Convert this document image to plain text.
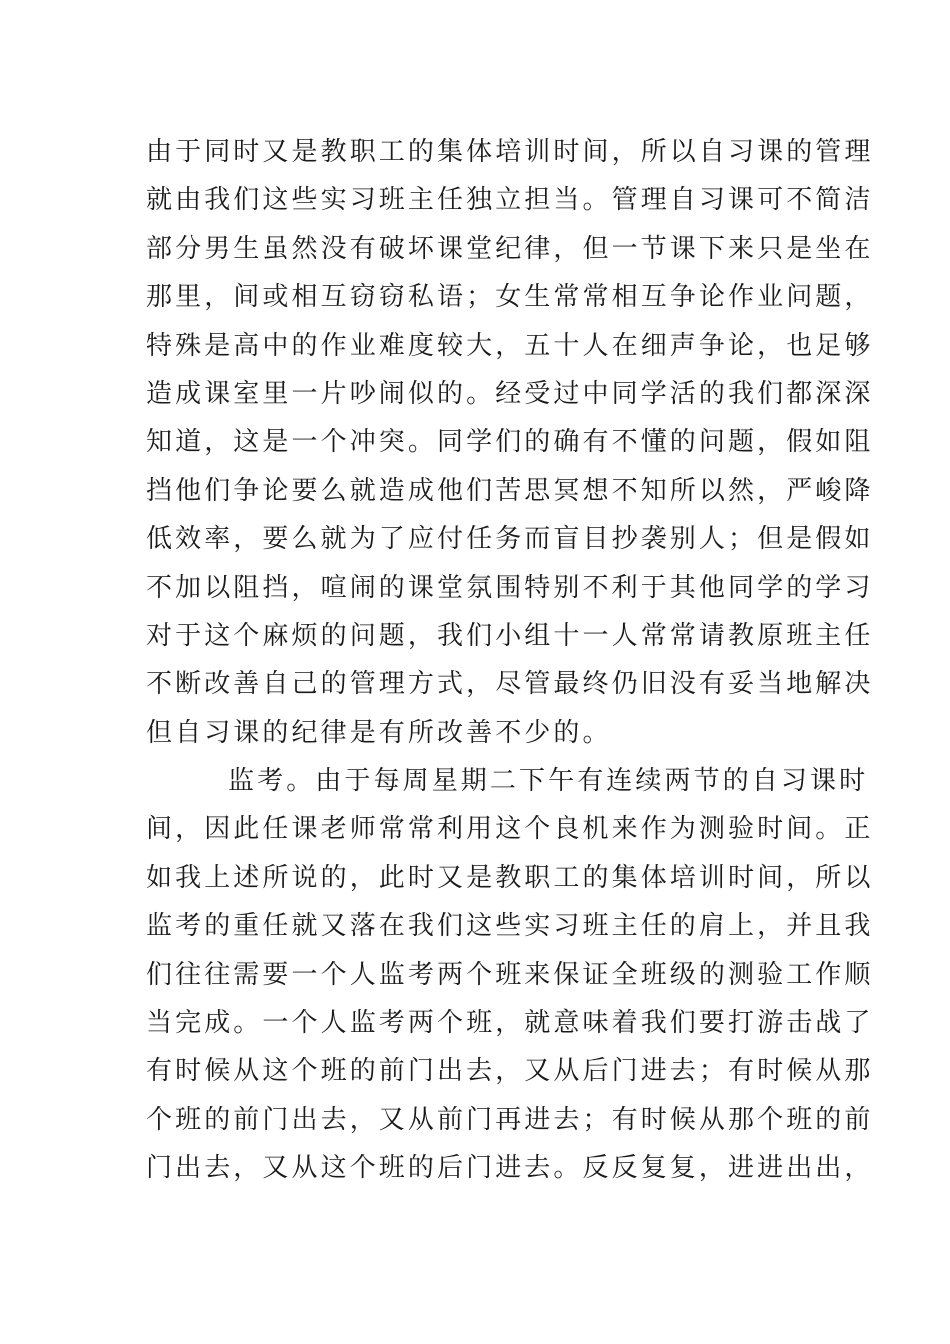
由于同时又是教职工的集体培训时间，所以自习课的管理
就由我们这些实习班主任独立担当。管理自习课可不简洁
部分男生虽然没有破坏课堂纪律，但一节课下来只是坐在
那里，间或相互窃窃私语；女生常常相互争论作业问题，
特殊是高中的作业难度较大，五十人在细声争论，也足够
造成课室里一片吵闹似的。经受过中同学活的我们都深深
知道，这是一个冲突。同学们的确有不懂的问题，假如阻
挡他们争论要么就造成他们苦思冥想不知所以然，严峻降
低效率，要么就为了应付任务而盲目抄袭别人；但是假如
不加以阻挡，喧闹的课堂氛围特别不利于其他同学的学习
对于这个麻烦的问题，我们小组十一人常常请教原班主任
不断改善自己的管理方式，尽管最终仍旧没有妥当地解决
但自习课的纪律是有所改善不少的。
监考。由于每周星期二下午有连续两节的自习课时
间，因此任课老师常常利用这个良机来作为测验时间。正
如我上述所说的，此时又是教职工的集体培训时间，所以
监考的重任就又落在我们这些实习班主任的肩上，并且我
们往往需要一个人监考两个班来保证全班级的测验工作顺
当完成。一个人监考两个班，就意味着我们要打游击战了
有时候从这个班的前门出去，又从后门进去；有时候从那
个班的前门出去，又从前门再进去；有时候从那个班的前
门出去，又从这个班的后门进去。反反复复，进进出出，
